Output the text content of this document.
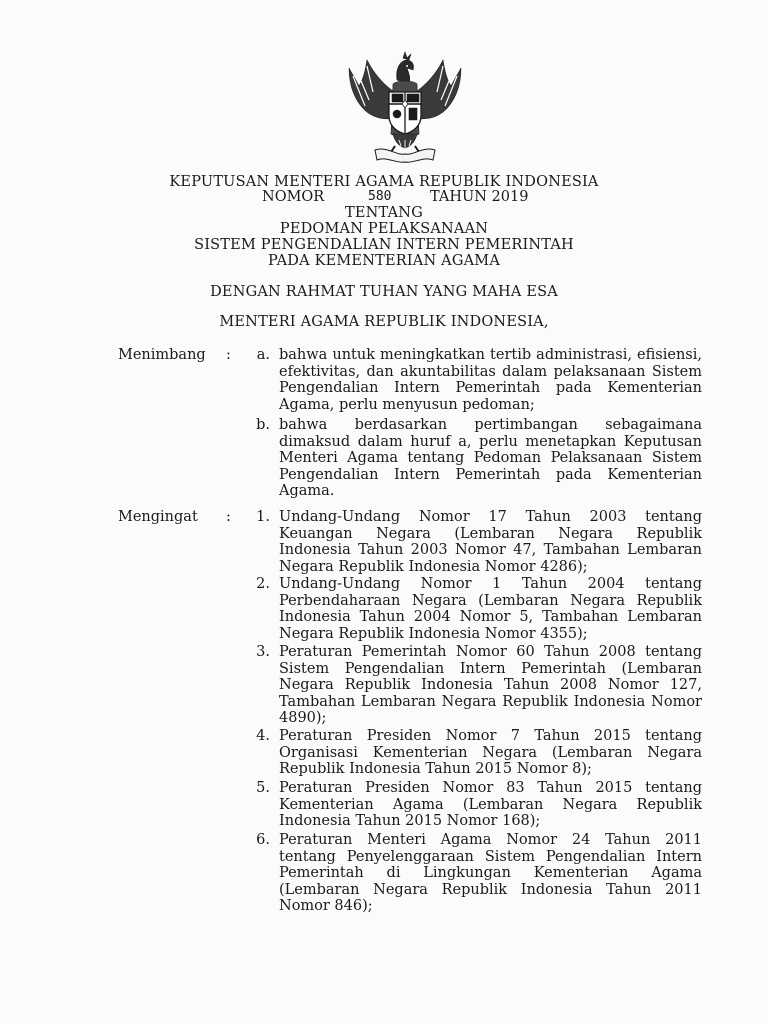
KEPUTUSAN MENTERI AGAMA REPUBLIK INDONESIA
NOMOR	580	TAHUN 2019
TENTANG
PEDOMAN PELAKSANAAN
SISTEM PENGENDALIAN INTERN PEMERINTAH
PADA KEMENTERIAN AGAMA
DENGAN RAHMAT TUHAN YANG MAHA ESA
MENTERI AGAMA REPUBLIK INDONESIA,
Menimbang :	a. bahwa untuk meningkatkan tertib administrasi, efisiensi, efektivitas, dan akuntabilitas dalam pelaksanaan Sistem Pengendalian Intern Pemerintah pada Kementerian Agama, perlu menyusun pedoman;
b. bahwa berdasarkan pertimbangan sebagaimana dimaksud dalam huruf a, perlu menetapkan Keputusan Menteri Agama tentang Pedoman Pelaksanaan Sistem Pengendalian Intern Pemerintah pada Kementerian Agama.
Mengingat :	1. Undang-Undang Nomor 17 Tahun 2003 tentang Keuangan Negara (Lembaran Negara Republik Indonesia Tahun 2003 Nomor 47, Tambahan Lembaran Negara Republik Indonesia Nomor 4286);
2. Undang-Undang Nomor 1 Tahun 2004 tentang Perbendaharaan Negara (Lembaran Negara Republik Indonesia Tahun 2004 Nomor 5, Tambahan Lembaran Negara Republik Indonesia Nomor 4355);
3. Peraturan Pemerintah Nomor 60 Tahun 2008 tentang Sistem Pengendalian Intern Pemerintah (Lembaran Negara Republik Indonesia Tahun 2008 Nomor 127, Tambahan Lembaran Negara Republik Indonesia Nomor 4890);
4. Peraturan Presiden Nomor 7 Tahun 2015 tentang Organisasi Kementerian Negara (Lembaran Negara Republik Indonesia Tahun 2015 Nomor 8);
5. Peraturan Presiden Nomor 83 Tahun 2015 tentang Kementerian Agama (Lembaran Negara Republik Indonesia Tahun 2015 Nomor 168);
6. Peraturan Menteri Agama Nomor 24 Tahun 2011 tentang Penyelenggaraan Sistem Pengendalian Intern Pemerintah di Lingkungan Kementerian Agama (Lembaran Negara Republik Indonesia Tahun 2011 Nomor 846);
